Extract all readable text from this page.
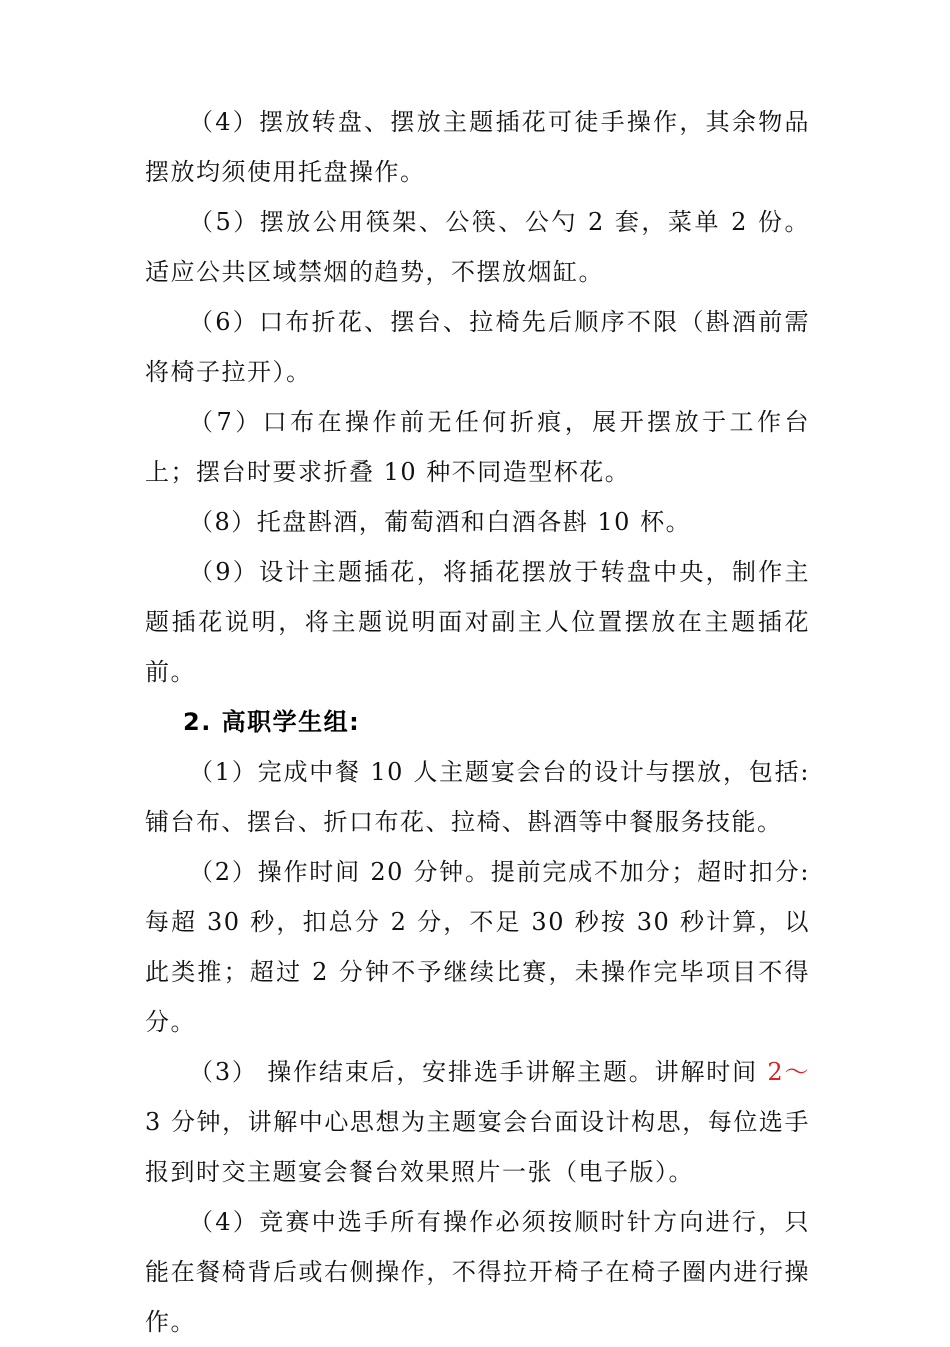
（4）摆放转盘、摆放主题插花可徒手操作，其余物品摆放均须使用托盘操作。

（5）摆放公用筷架、公筷、公勺 2 套，菜单 2 份。适应公共区域禁烟的趋势，不摆放烟缸。

（6）口布折花、摆台、拉椅先后顺序不限（斟酒前需将椅子拉开）。

（7）口布在操作前无任何折痕，展开摆放于工作台上；摆台时要求折叠 10 种不同造型杯花。

（8）托盘斟酒，葡萄酒和白酒各斟 10 杯。

（9）设计主题插花，将插花摆放于转盘中央，制作主题插花说明，将主题说明面对副主人位置摆放在主题插花前。

2. 高职学生组:

（1）完成中餐 10 人主题宴会台的设计与摆放，包括:铺台布、摆台、折口布花、拉椅、斟酒等中餐服务技能。

（2）操作时间 20 分钟。提前完成不加分；超时扣分:每超 30 秒，扣总分 2 分，不足 30 秒按 30 秒计算，以此类推；超过 2 分钟不予继续比赛，未操作完毕项目不得分。

（3） 操作结束后，安排选手讲解主题。讲解时间 2～3 分钟，讲解中心思想为主题宴会台面设计构思，每位选手报到时交主题宴会餐台效果照片一张（电子版）。

（4）竞赛中选手所有操作必须按顺时针方向进行，只能在餐椅背后或右侧操作，不得拉开椅子在椅子圈内进行操作。
